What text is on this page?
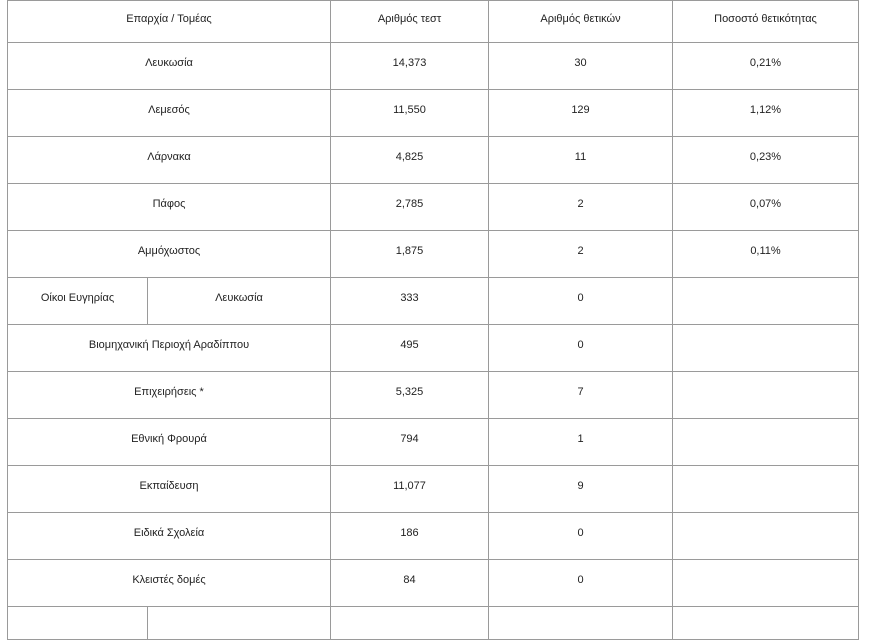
Επαρχία / Τομέας		Αριθμός τεστ	Αριθμός θετικών	Ποσοστό θετικότητας
Λευκωσία		14,373	30	0,21%
Λεμεσός		11,550	129	1,12%
Λάρνακα		4,825	11	0,23%
Πάφος		2,785	2	0,07%
Αμμόχωστος		1,875	2	0,11%
Οίκοι Ευγηρίας	Λευκωσία	333	0	
Βιομηχανική Περιοχή Αραδίππου		495	0	
Επιχειρήσεις *		5,325	7	
Εθνική Φρουρά		794	1	
Εκπαίδευση		11,077	9	
Ειδικά Σχολεία		186	0	
Κλειστές δομές		84	0	
